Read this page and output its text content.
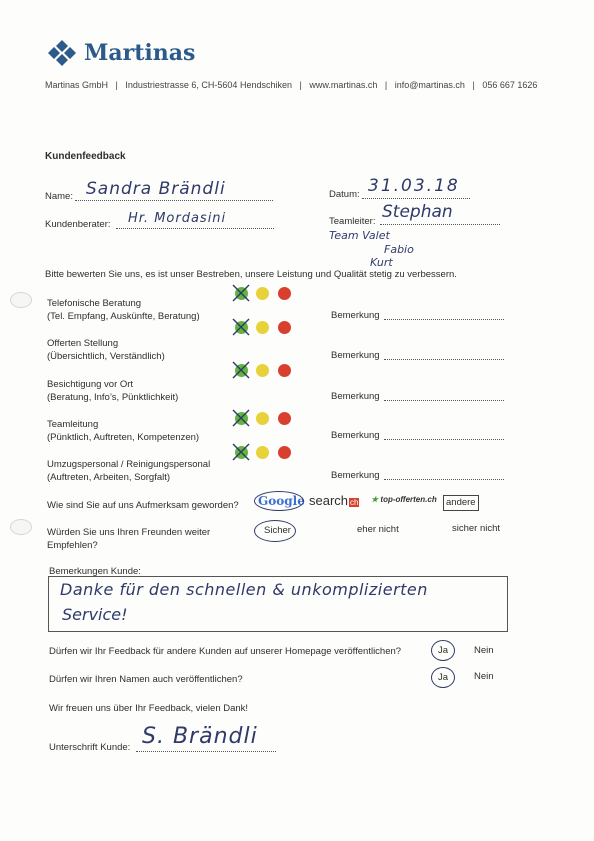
Martinas
Martinas GmbH | Industriestrasse 6, CH-5604 Hendschiken | www.martinas.ch | info@martinas.ch | 056 667 1626
Kundenfeedback
Name: Sandra Brändli	Datum: 31.03.18
Kundenberater: Hr. Mordasini	Teamleiter: Stephan
Team Valet
Fabio
Kurt
Bitte bewerten Sie uns, es ist unser Bestreben, unsere Leistung und Qualität stetig zu verbessern.
Telefonische Beratung
(Tel. Empfang, Auskünfte, Beratung)	Bemerkung
Offerten Stellung
(Übersichtlich, Verständlich)	Bemerkung
Besichtigung vor Ort
(Beratung, Info’s, Pünktlichkeit)	Bemerkung
Teamleitung
(Pünktlich, Auftreten, Kompetenzen)	Bemerkung
Umzugspersonal / Reinigungspersonal
(Auftreten, Arbeiten, Sorgfalt)	Bemerkung
Wie sind Sie auf uns Aufmerksam geworden? Google search ch ★ top-offerten.ch andere
Würden Sie uns Ihren Freunden weiter
Empfehlen?
Sicher	eher nicht	sicher nicht
Bemerkungen Kunde:
Danke für den schnellen & unkomplizierten
Service!
Dürfen wir Ihr Feedback für andere Kunden auf unserer Homepage veröffentlichen?	Ja	Nein
Dürfen wir Ihren Namen auch veröffentlichen?	Ja	Nein
Wir freuen uns über Ihr Feedback, vielen Dank!
Unterschrift Kunde: S. Brändli
